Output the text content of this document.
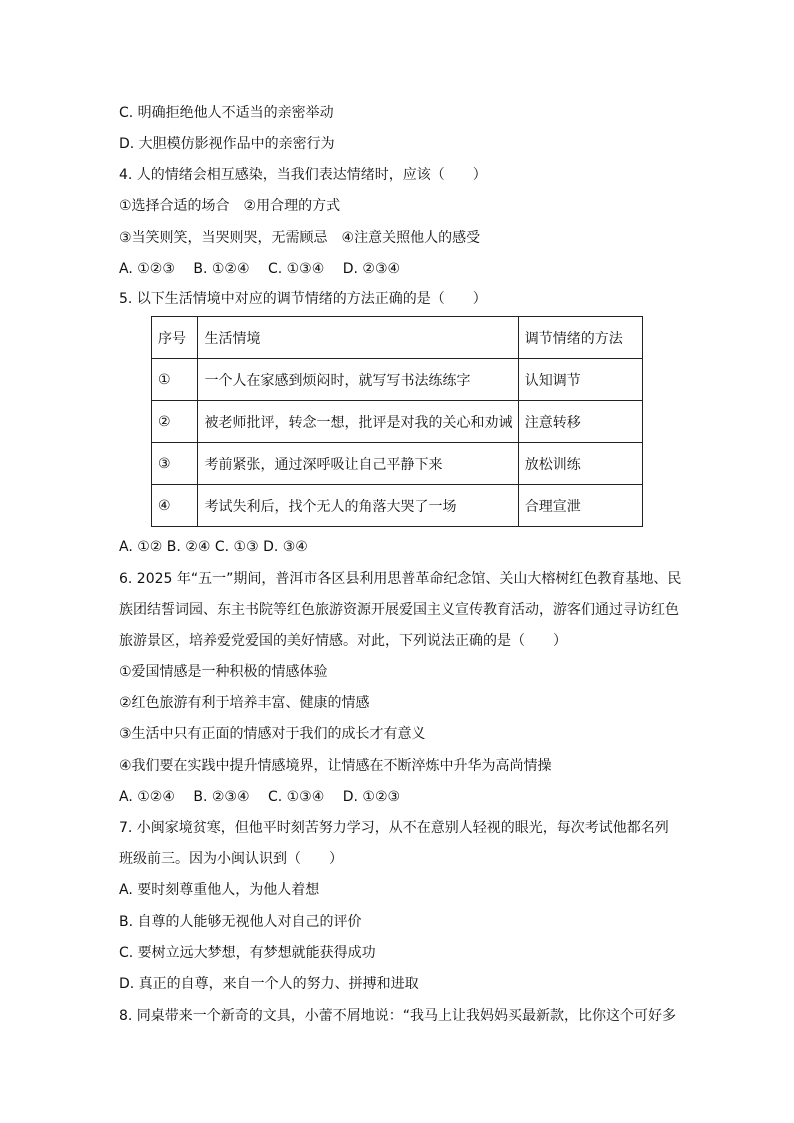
C. 明确拒绝他人不适当的亲密举动
D. 大胆模仿影视作品中的亲密行为
4. 人的情绪会相互感染，当我们表达情绪时，应该（　　）
①选择合适的场合　②用合理的方式
③当笑则笑，当哭则哭，无需顾忌　④注意关照他人的感受
A. ①②③　 B. ①②④　 C. ①③④　 D. ②③④
5. 以下生活情境中对应的调节情绪的方法正确的是（　　）
序号	生活情境	调节情绪的方法
①	一个人在家感到烦闷时，就写写书法练练字	认知调节
②	被老师批评，转念一想，批评是对我的关心和劝诫	注意转移
③	考前紧张，通过深呼吸让自己平静下来	放松训练
④	考试失利后，找个无人的角落大哭了一场	合理宣泄
A. ①② B. ②④ C. ①③ D. ③④
6. 2025 年“五一”期间，普洱市各区县利用思普革命纪念馆、关山大榕树红色教育基地、民
族团结誓词园、东主书院等红色旅游资源开展爱国主义宣传教育活动，游客们通过寻访红色
旅游景区，培养爱党爱国的美好情感。对此，下列说法正确的是（　　）
①爱国情感是一种积极的情感体验
②红色旅游有利于培养丰富、健康的情感
③生活中只有正面的情感对于我们的成长才有意义
④我们要在实践中提升情感境界，让情感在不断淬炼中升华为高尚情操
A. ①②④　 B. ②③④　 C. ①③④　 D. ①②③
7. 小闽家境贫寒，但他平时刻苦努力学习，从不在意别人轻视的眼光，每次考试他都名列
班级前三。因为小闽认识到（　　）
A. 要时刻尊重他人，为他人着想
B. 自尊的人能够无视他人对自己的评价
C. 要树立远大梦想，有梦想就能获得成功
D. 真正的自尊，来自一个人的努力、拼搏和进取
8. 同桌带来一个新奇的文具，小蕾不屑地说：“我马上让我妈妈买最新款，比你这个可好多
